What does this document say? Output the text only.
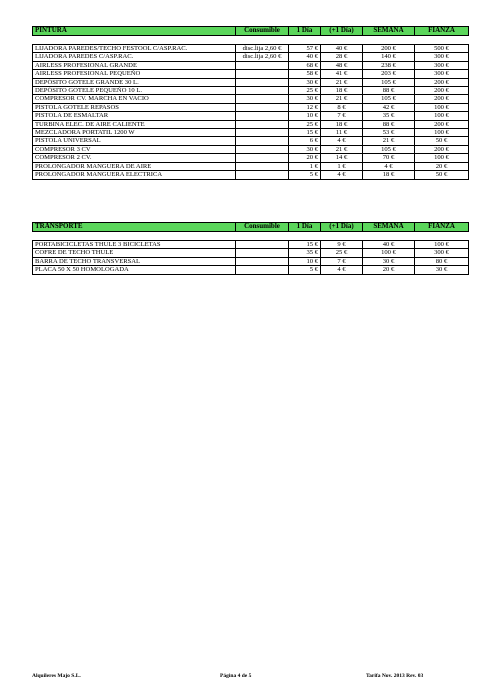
PINTURA	Consumible	1 Día	(+1 Día)	SEMANA	FIANZA

LIJADORA PAREDES/TECHO FESTOOL C/ASP.RAC.	disc.lija 2,60 €	57 €	40 €	200 €	500 €
LIJADORA PAREDES C/ASP.RAC.	disc.lija 2,60 €	40 €	28 €	140 €	300 €
AIRLESS PROFESIONAL GRANDE		68 €	48 €	238 €	300 €
AIRLESS PROFESIONAL PEQUEÑO		58 €	41 €	203 €	300 €
DEPÓSITO GOTELE GRANDE 30 L.		30 €	21 €	105 €	200 €
DEPÓSITO GOTELE PEQUEÑO 10 L.		25 €	18 €	88 €	200 €
COMPRESOR CV. MARCHA EN VACIO		30 €	21 €	105 €	200 €
PISTOLA GOTELE REPASOS		12 €	8 €	42 €	100 €
PISTOLA DE ESMALTAR		10 €	7 €	35 €	100 €
TURBINA ELEC. DE AIRE CALIENTE		25 €	18 €	88 €	200 €
MEZCLADORA PORTATIL 1200 W		15 €	11 €	53 €	100 €
PISTOLA UNIVERSAL		6 €	4 €	21 €	50 €
COMPRESOR 3 CV		30 €	21 €	105 €	200 €
COMPRESOR 2 CV.		20 €	14 €	70 €	100 €
PROLONGADOR MANGUERA DE AIRE		1 €	1 €	4 €	20 €
PROLONGADOR MANGUERA ELECTRICA		5 €	4 €	18 €	50 €
TRANSPORTE	Consumible	1 Día	(+1 Día)	SEMANA	FIANZA

PORTABICICLETAS THULE 3 BICICLETAS		15 €	9 €	40 €	100 €
COFRE DE TECHO THULE		35 €	25 €	100 €	300 €
BARRA DE TECHO TRANSVERSAL		10 €	7 €	30 €	80 €
PLACA 50 X 50 HOMOLOGADA		5 €	4 €	20 €	30 €
Alquileres Majo S.L.	Página 4 de 5	Tarifa Nov. 2013 Rev. 03
